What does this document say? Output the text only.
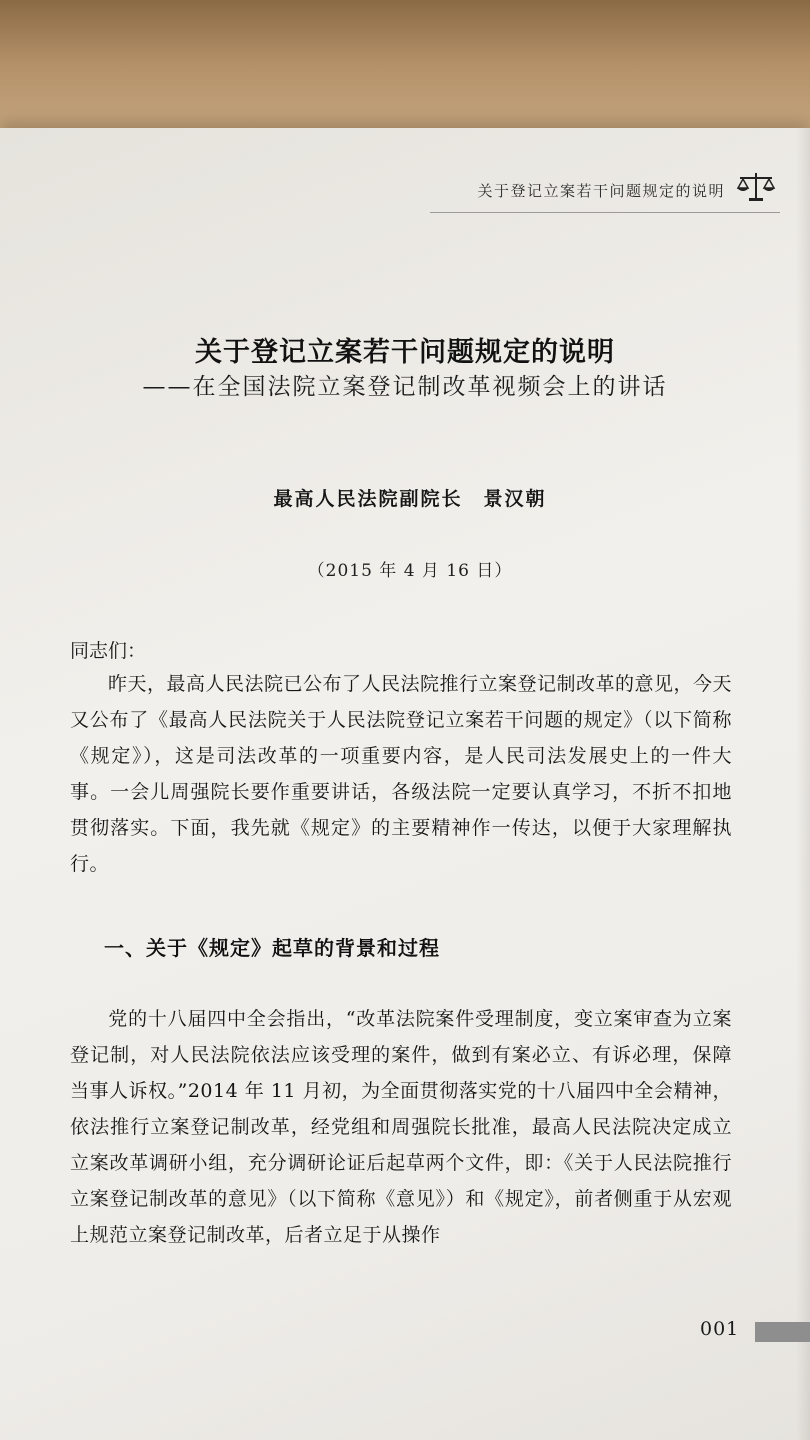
关于登记立案若干问题规定的说明
关于登记立案若干问题规定的说明
——在全国法院立案登记制改革视频会上的讲话
最高人民法院副院长　景汉朝
（2015 年 4 月 16 日）
同志们：

昨天，最高人民法院已公布了人民法院推行立案登记制改革的意见，今天又公布了《最高人民法院关于人民法院登记立案若干问题的规定》（以下简称《规定》），这是司法改革的一项重要内容，是人民司法发展史上的一件大事。一会儿周强院长要作重要讲话，各级法院一定要认真学习，不折不扣地贯彻落实。下面，我先就《规定》的主要精神作一传达，以便于大家理解执行。

一、关于《规定》起草的背景和过程

党的十八届四中全会指出，“改革法院案件受理制度，变立案审查为立案登记制，对人民法院依法应该受理的案件，做到有案必立、有诉必理，保障当事人诉权。”2014 年 11 月初，为全面贯彻落实党的十八届四中全会精神，依法推行立案登记制改革，经党组和周强院长批准，最高人民法院决定成立立案改革调研小组，充分调研论证后起草两个文件，即：《关于人民法院推行立案登记制改革的意见》（以下简称《意见》）和《规定》，前者侧重于从宏观上规范立案登记制改革，后者立足于从操作

001
